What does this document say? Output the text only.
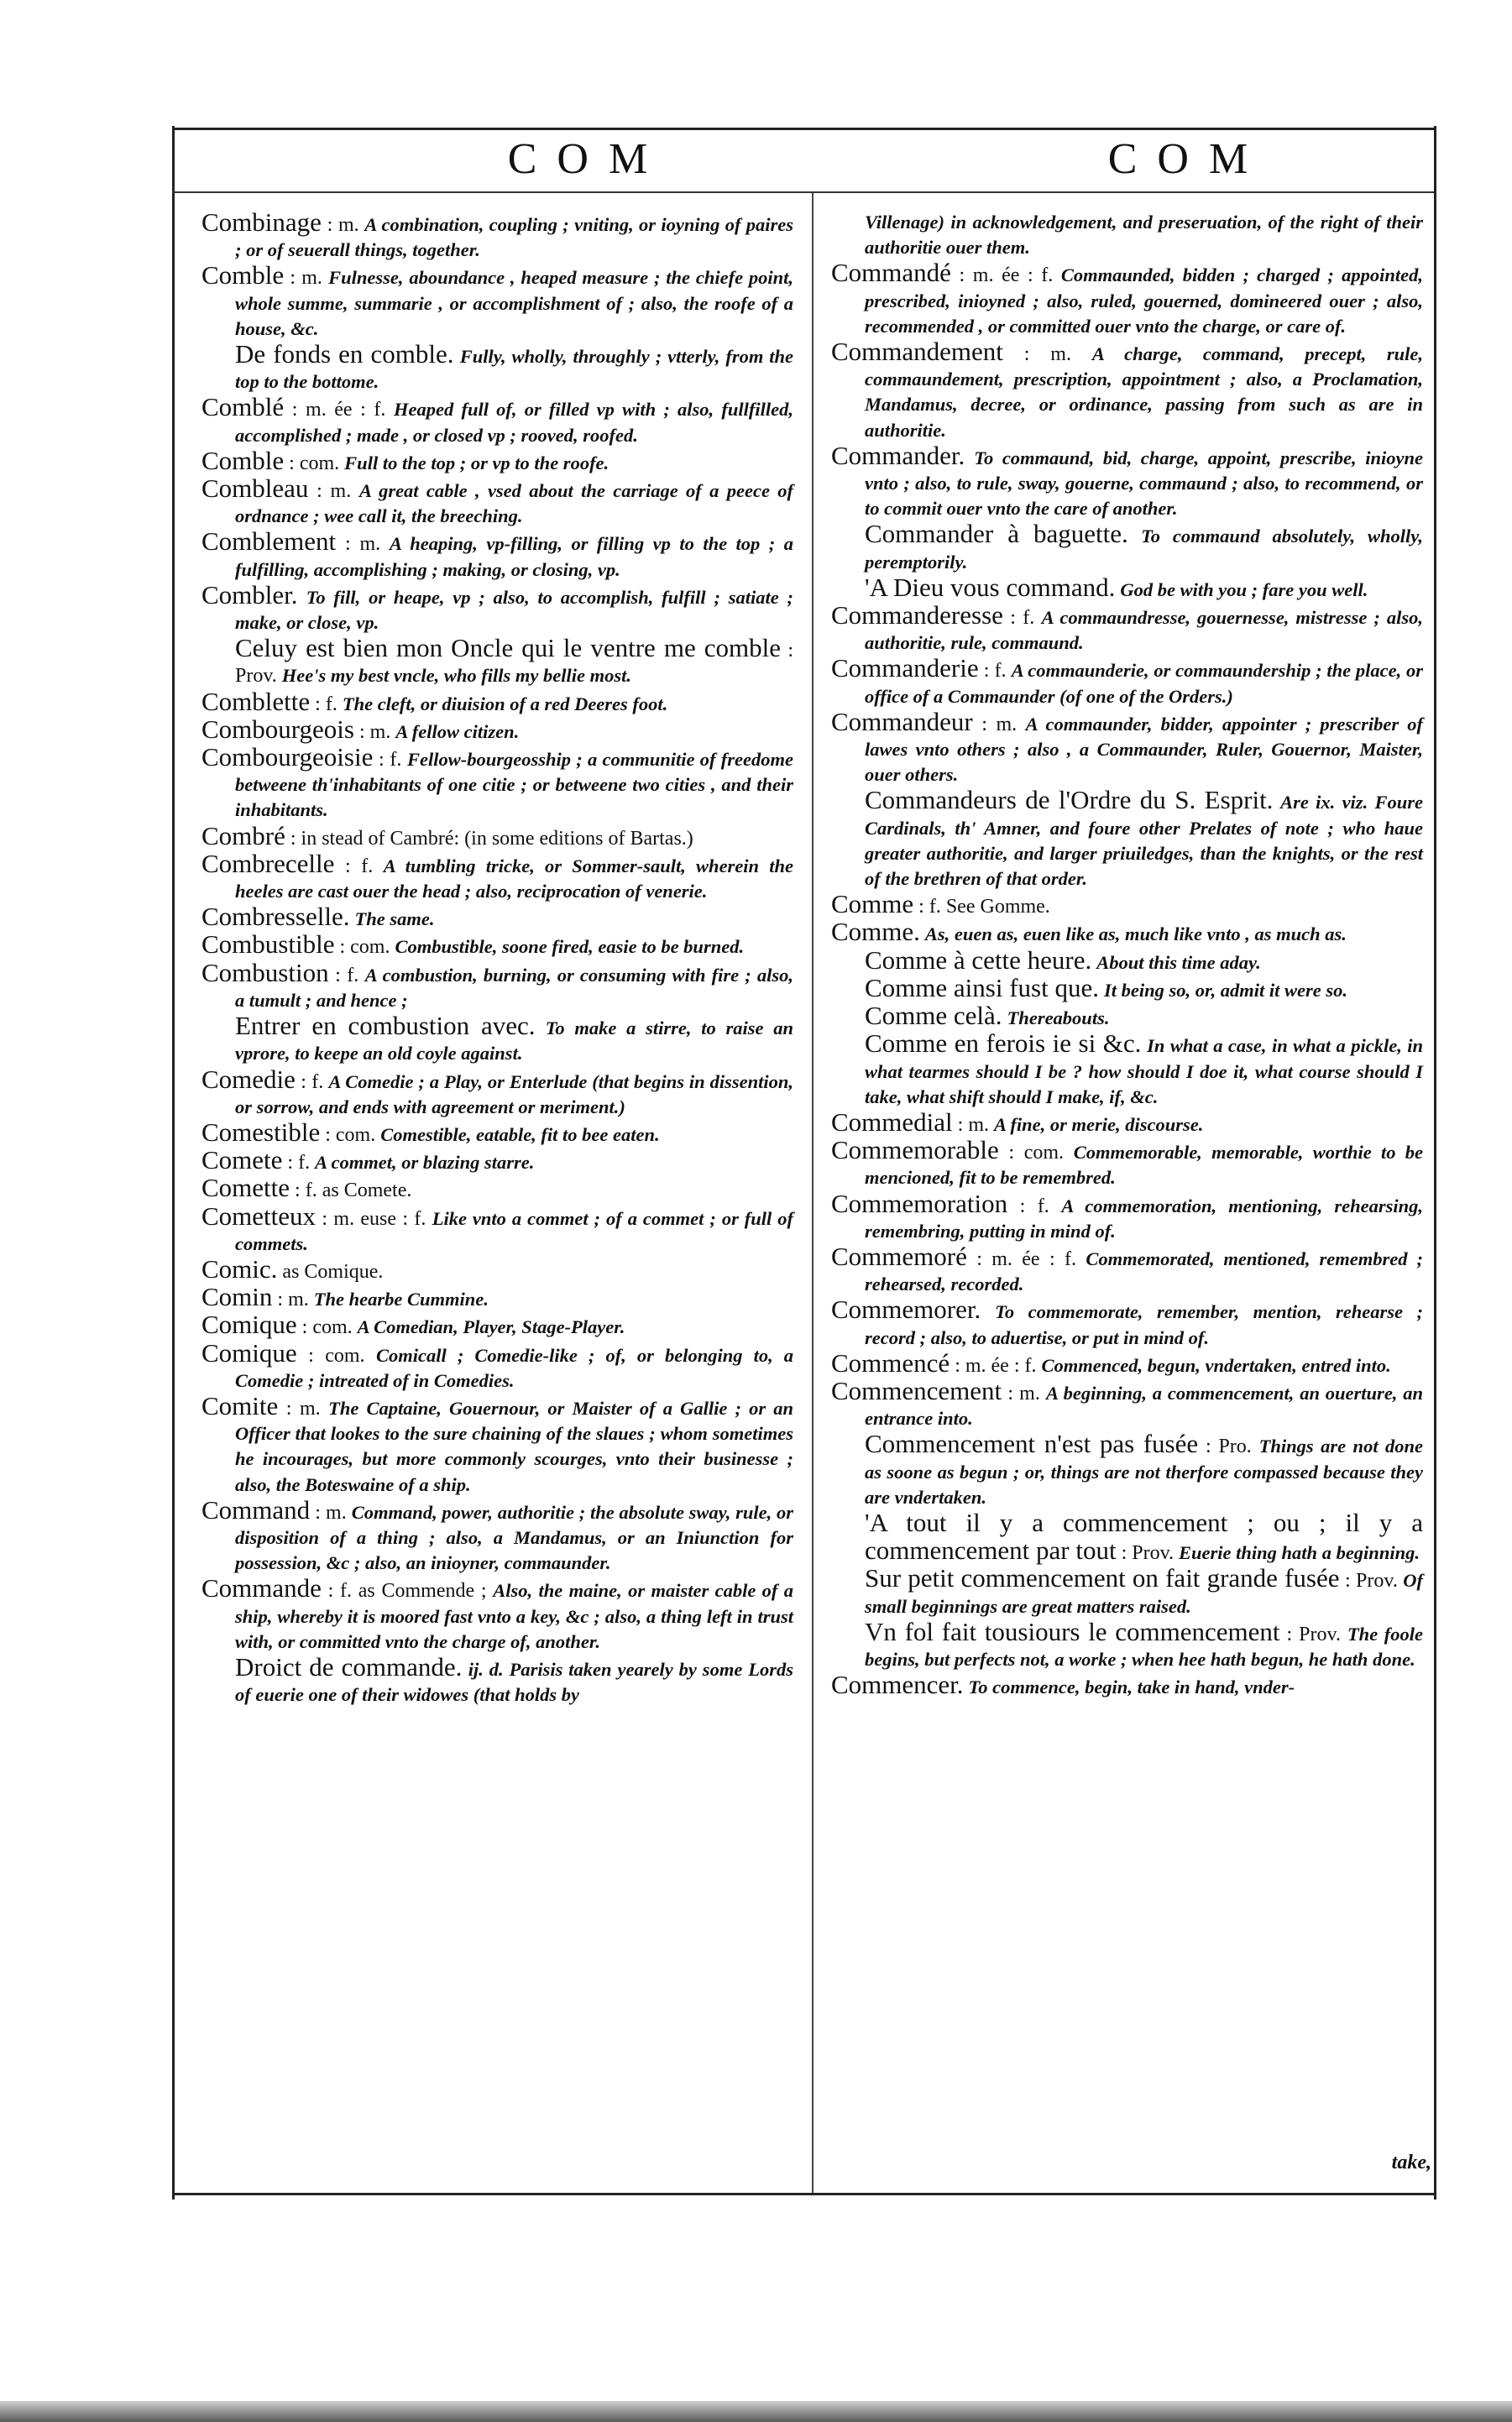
COM	COM

Combinage : m. A combination, coupling ; vniting, or ioyning of paires ; or of seuerall things, together.

Comble : m. Fulnesse, aboundance , heaped measure ; the chiefe point, whole summe, summarie , or accomplishment of ; also, the roofe of a house, &c.

De fonds en comble. Fully, wholly, throughly ; vtterly, from the top to the bottome.

Comblé : m. ée : f. Heaped full of, or filled vp with ; also, fullfilled, accomplished ; made , or closed vp ; rooved, roofed.

Comble : com. Full to the top ; or vp to the roofe.

Combleau : m. A great cable , vsed about the carriage of a peece of ordnance ; wee call it, the breeching.

Comblement : m. A heaping, vp-filling, or filling vp to the top ; a fulfilling, accomplishing ; making, or closing, vp.

Combler. To fill, or heape, vp ; also, to accomplish, fulfill ; satiate ; make, or close, vp.

Celuy est bien mon Oncle qui le ventre me comble : Prov. Hee's my best vncle, who fills my bellie most.

Comblette : f. The cleft, or diuision of a red Deeres foot.

Combourgeois : m. A fellow citizen.

Combourgeoisie : f. Fellow-bourgeosship ; a communitie of freedome betweene th'inhabitants of one citie ; or betweene two cities , and their inhabitants.

Combré : in stead of Cambré: (in some editions of Bartas.)

Combrecelle : f. A tumbling tricke, or Sommer-sault, wherein the heeles are cast ouer the head ; also, reciprocation of venerie.

Combresselle. The same.

Combustible : com. Combustible, soone fired, easie to be burned.

Combustion : f. A combustion, burning, or consuming with fire ; also, a tumult ; and hence ;

Entrer en combustion avec. To make a stirre, to raise an vprore, to keepe an old coyle against.

Comedie : f. A Comedie ; a Play, or Enterlude (that begins in dissention, or sorrow, and ends with agreement or meriment.)

Comestible : com. Comestible, eatable, fit to bee eaten.

Comete : f. A commet, or blazing starre.

Comette : f. as Comete.

Cometteux : m. euse : f. Like vnto a commet ; of a commet ; or full of commets.

Comic. as Comique.

Comin : m. The hearbe Cummine.

Comique : com. A Comedian, Player, Stage-Player.

Comique : com. Comicall ; Comedie-like ; of, or belonging to, a Comedie ; intreated of in Comedies.

Comite : m. The Captaine, Gouernour, or Maister of a Gallie ; or an Officer that lookes to the sure chaining of the slaues ; whom sometimes he incourages, but more commonly scourges, vnto their businesse ; also, the Boteswaine of a ship.

Command : m. Command, power, authoritie ; the absolute sway, rule, or disposition of a thing ; also, a Mandamus, or an Iniunction for possession, &c ; also, an inioyner, commaunder.

Commande : f. as Commende ; Also, the maine, or maister cable of a ship, whereby it is moored fast vnto a key, &c ; also, a thing left in trust with, or committed vnto the charge of, another.

Droict de commande. ij. d. Parisis taken yearely by some Lords of euerie one of their widowes (that holds by

Villenage) in acknowledgement, and preseruation, of the right of their authoritie ouer them.

Commandé : m. ée : f. Commaunded, bidden ; charged ; appointed, prescribed, inioyned ; also, ruled, gouerned, domineered ouer ; also, recommended , or committed ouer vnto the charge, or care of.

Commandement : m. A charge, command, precept, rule, commaundement, prescription, appointment ; also, a Proclamation, Mandamus, decree, or ordinance, passing from such as are in authoritie.

Commander. To commaund, bid, charge, appoint, prescribe, inioyne vnto ; also, to rule, sway, gouerne, commaund ; also, to recommend, or to commit ouer vnto the care of another.

Commander à baguette. To commaund absolutely, wholly, peremptorily.

'A Dieu vous command. God be with you ; fare you well.

Commanderesse : f. A commaundresse, gouernesse, mistresse ; also, authoritie, rule, commaund.

Commanderie : f. A commaunderie, or commaundership ; the place, or office of a Commaunder (of one of the Orders.)

Commandeur : m. A commaunder, bidder, appointer ; prescriber of lawes vnto others ; also , a Commaunder, Ruler, Gouernor, Maister, ouer others.

Commandeurs de l'Ordre du S. Esprit. Are ix. viz. Foure Cardinals, th' Amner, and foure other Prelates of note ; who haue greater authoritie, and larger priuiledges, than the knights, or the rest of the brethren of that order.

Comme : f. See Gomme.

Comme. As, euen as, euen like as, much like vnto , as much as.

Comme à cette heure. About this time aday.

Comme ainsi fust que. It being so, or, admit it were so.

Comme celà. Thereabouts.

Comme en ferois ie si &c. In what a case, in what a pickle, in what tearmes should I be ? how should I doe it, what course should I take, what shift should I make, if, &c.

Commedial : m. A fine, or merie, discourse.

Commemorable : com. Commemorable, memorable, worthie to be mencioned, fit to be remembred.

Commemoration : f. A commemoration, mentioning, rehearsing, remembring, putting in mind of.

Commemoré : m. ée : f. Commemorated, mentioned, remembred ; rehearsed, recorded.

Commemorer. To commemorate, remember, mention, rehearse ; record ; also, to aduertise, or put in mind of.

Commencé : m. ée : f. Commenced, begun, vndertaken, entred into.

Commencement : m. A beginning, a commencement, an ouerture, an entrance into.

Commencement n'est pas fusée : Pro. Things are not done as soone as begun ; or, things are not therfore compassed because they are vndertaken.

'A tout il y a commencement ; ou ; il y a commencement par tout : Prov. Euerie thing hath a beginning.

Sur petit commencement on fait grande fusée : Prov. Of small beginnings are great matters raised.

Vn fol fait tousiours le commencement : Prov. The foole begins, but perfects not, a worke ; when hee hath begun, he hath done.

Commencer. To commence, begin, take in hand, vnder-

take,
